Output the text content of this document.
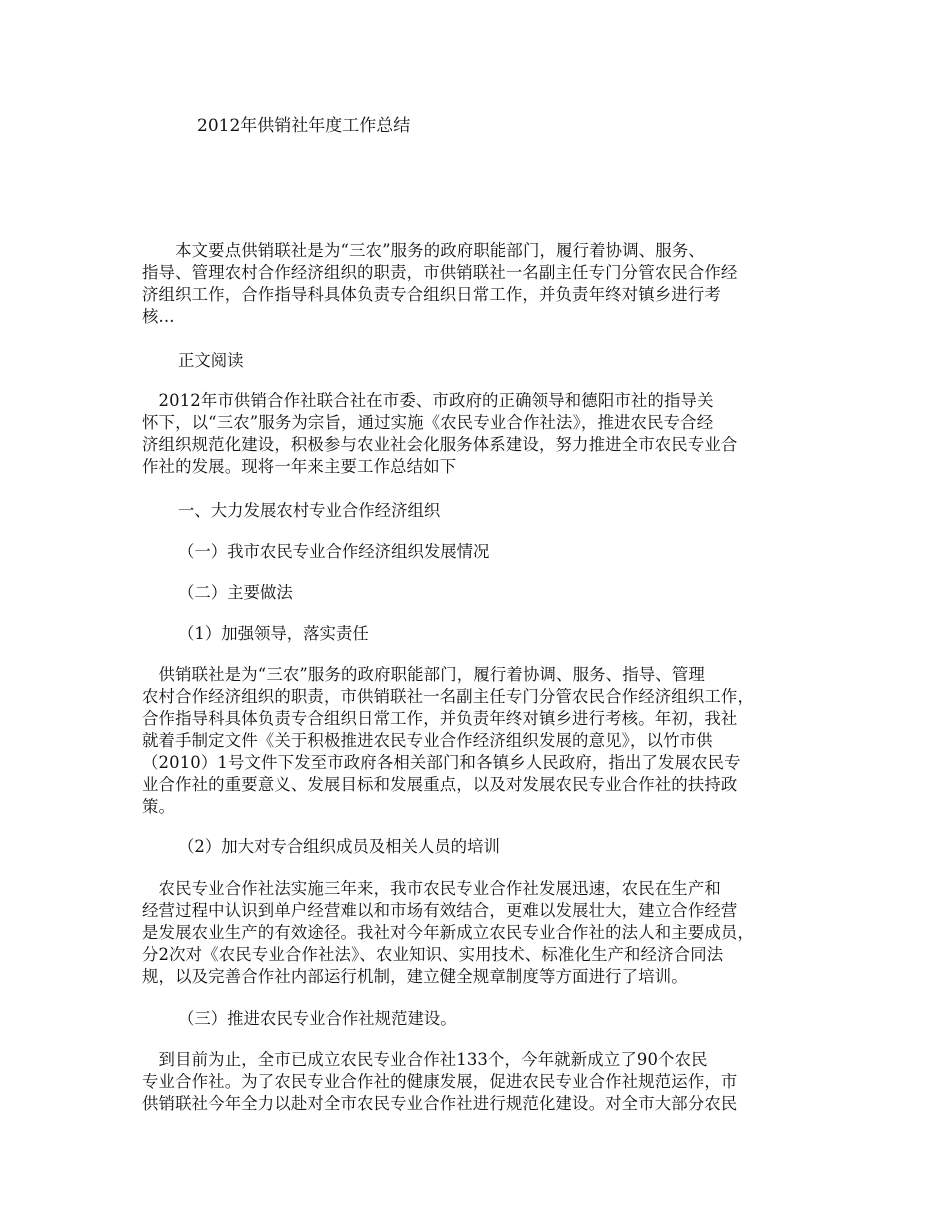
2012年供销社年度工作总结
　　本文要点供销联社是为“三农”服务的政府职能部门，履行着协调、服务、
指导、管理农村合作经济组织的职责，市供销联社一名副主任专门分管农民合作经
济组织工作，合作指导科具体负责专合组织日常工作，并负责年终对镇乡进行考
核...
正文阅读
　2012年市供销合作社联合社在市委、市政府的正确领导和德阳市社的指导关
怀下，以“三农”服务为宗旨，通过实施《农民专业合作社法》，推进农民专合经
济组织规范化建设，积极参与农业社会化服务体系建设，努力推进全市农民专业合
作社的发展。现将一年来主要工作总结如下
一、大力发展农村专业合作经济组织
（一）我市农民专业合作经济组织发展情况
（二）主要做法
（1）加强领导，落实责任
　供销联社是为“三农”服务的政府职能部门，履行着协调、服务、指导、管理
农村合作经济组织的职责，市供销联社一名副主任专门分管农民合作经济组织工作，
合作指导科具体负责专合组织日常工作，并负责年终对镇乡进行考核。年初，我社
就着手制定文件《关于积极推进农民专业合作经济组织发展的意见》，以竹市供
（2010）1号文件下发至市政府各相关部门和各镇乡人民政府，指出了发展农民专
业合作社的重要意义、发展目标和发展重点，以及对发展农民专业合作社的扶持政
策。
（2）加大对专合组织成员及相关人员的培训
　农民专业合作社法实施三年来，我市农民专业合作社发展迅速，农民在生产和
经营过程中认识到单户经营难以和市场有效结合，更难以发展壮大，建立合作经营
是发展农业生产的有效途径。我社对今年新成立农民专业合作社的法人和主要成员，
分2次对《农民专业合作社法》、农业知识、实用技术、标准化生产和经济合同法
规，以及完善合作社内部运行机制，建立健全规章制度等方面进行了培训。
（三）推进农民专业合作社规范建设。
　到目前为止，全市已成立农民专业合作社133个，今年就新成立了90个农民
专业合作社。为了农民专业合作社的健康发展，促进农民专业合作社规范运作，市
供销联社今年全力以赴对全市农民专业合作社进行规范化建设。对全市大部分农民
